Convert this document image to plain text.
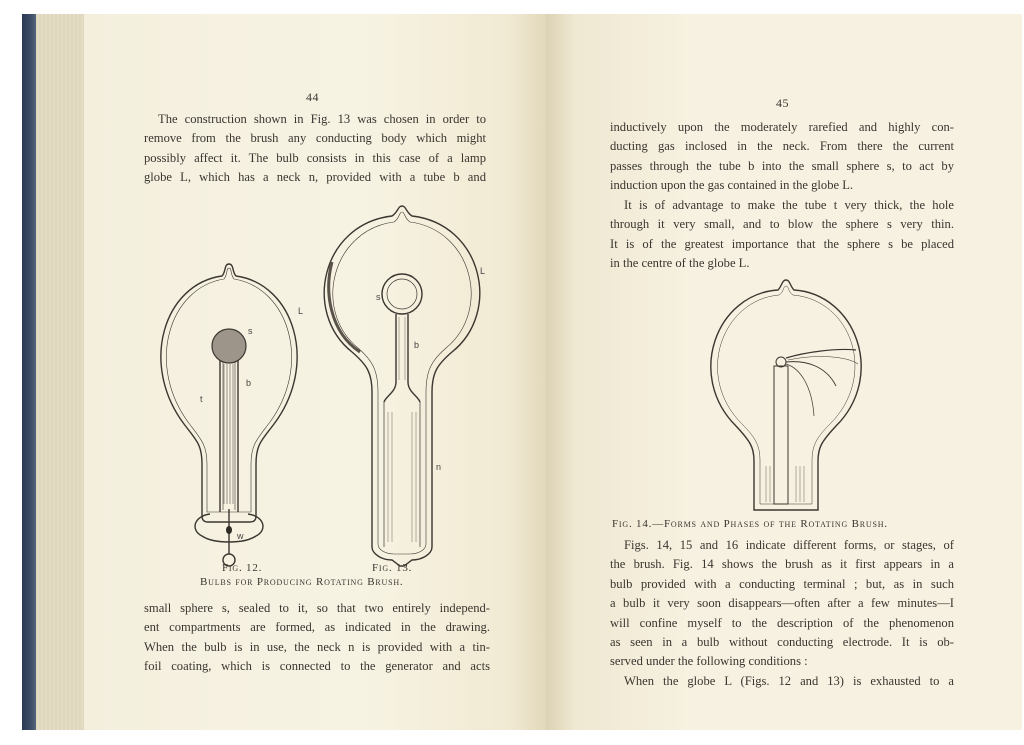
44
The construction shown in Fig. 13 was chosen in order to
remove from the brush any conducting body which might
possibly affect it. The bulb consists in this case of a lamp
globe L, which has a neck n, provided with a tube b and
s
b
t
L
w
s
b
L
n
Fig. 12.	Fig. 13.
Bulbs for Producing Rotating Brush.
small sphere s, sealed to it, so that two entirely independ-
ent compartments are formed, as indicated in the drawing.
When the bulb is in use, the neck n is provided with a tin-
foil coating, which is connected to the generator and acts
45
inductively upon the moderately rarefied and highly con-
ducting gas inclosed in the neck. From there the current
passes through the tube b into the small sphere s, to act by
induction upon the gas contained in the globe L.
It is of advantage to make the tube t very thick, the hole
through it very small, and to blow the sphere s very thin.
It is of the greatest importance that the sphere s be placed
in the centre of the globe L.
Fig. 14.—Forms and Phases of the Rotating Brush.
Figs. 14, 15 and 16 indicate different forms, or stages, of
the brush. Fig. 14 shows the brush as it first appears in a
bulb provided with a conducting terminal ; but, as in such
a bulb it very soon disappears—often after a few minutes—I
will confine myself to the description of the phenomenon
as seen in a bulb without conducting electrode. It is ob-
served under the following conditions :
When the globe L (Figs. 12 and 13) is exhausted to a
